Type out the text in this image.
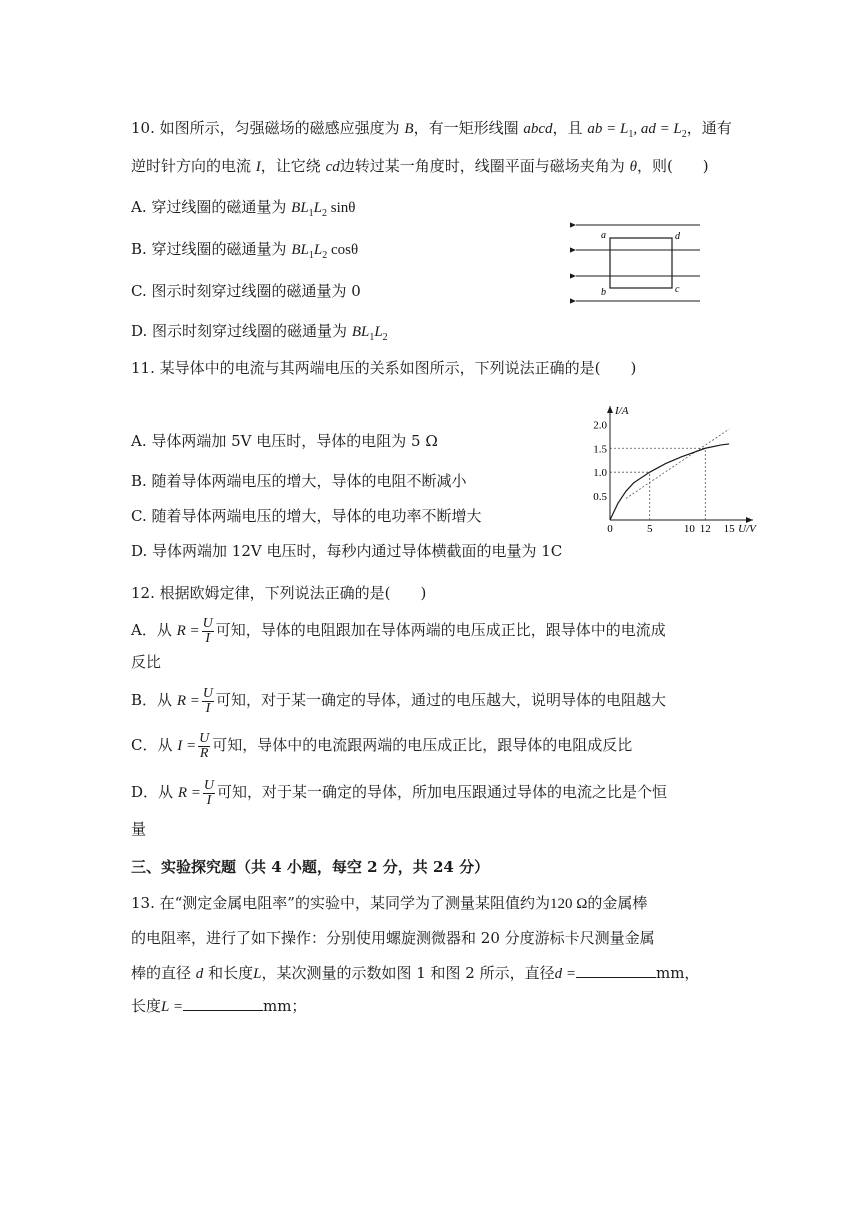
10. 如图所示，匀强磁场的磁感应强度为 B，有一矩形线圈 abcd，且 ab = $L_1$, ad = $L_2$，通有
逆时针方向的电流 I，让它绕 cd边转过某一角度时，线圈平面与磁场夹角为 θ，则(　　)
A. 穿过线圈的磁通量为 $BL_1L_2$ sinθ
B. 穿过线圈的磁通量为 $BL_1L_2$ cosθ
C. 图示时刻穿过线圈的磁通量为 0
D. 图示时刻穿过线圈的磁通量为 $BL_1L_2$
a	d
b	c
11. 某导体中的电流与其两端电压的关系如图所示，下列说法正确的是(　　)
A. 导体两端加 5V 电压时，导体的电阻为 5 Ω
B. 随着导体两端电压的增大，导体的电阻不断减小
C. 随着导体两端电压的增大，导体的电功率不断增大
D. 导体两端加 12V 电压时，每秒内通过导体横截面的电量为 1C
0	5	10 12 15
0.5
1.0
1.5
2.0
U/V
I/A
12. 根据欧姆定律，下列说法正确的是(　　)
A．从 $R = \frac{U}{I}$ 可知，导体的电阻跟加在导体两端的电压成正比，跟导体中的电流成
反比
B．从 $R = \frac{U}{I}$ 可知，对于某一确定的导体，通过的电压越大，说明导体的电阻越大
C．从 $I = \frac{U}{R}$ 可知，导体中的电流跟两端的电压成正比，跟导体的电阻成反比
D．从 $R = \frac{U}{I}$ 可知，对于某一确定的导体，所加电压跟通过导体的电流之比是个恒
量
三、实验探究题（共 4 小题，每空 2 分，共 24 分）
13. 在“测定金属电阻率”的实验中，某同学为了测量某阻值约为120 Ω的金属棒
的电阻率，进行了如下操作：分别使用螺旋测微器和 20 分度游标卡尺测量金属
棒的直径 d 和长度L，某次测量的示数如图 1 和图 2 所示，直径d =	mm，
长度L =	mm；
